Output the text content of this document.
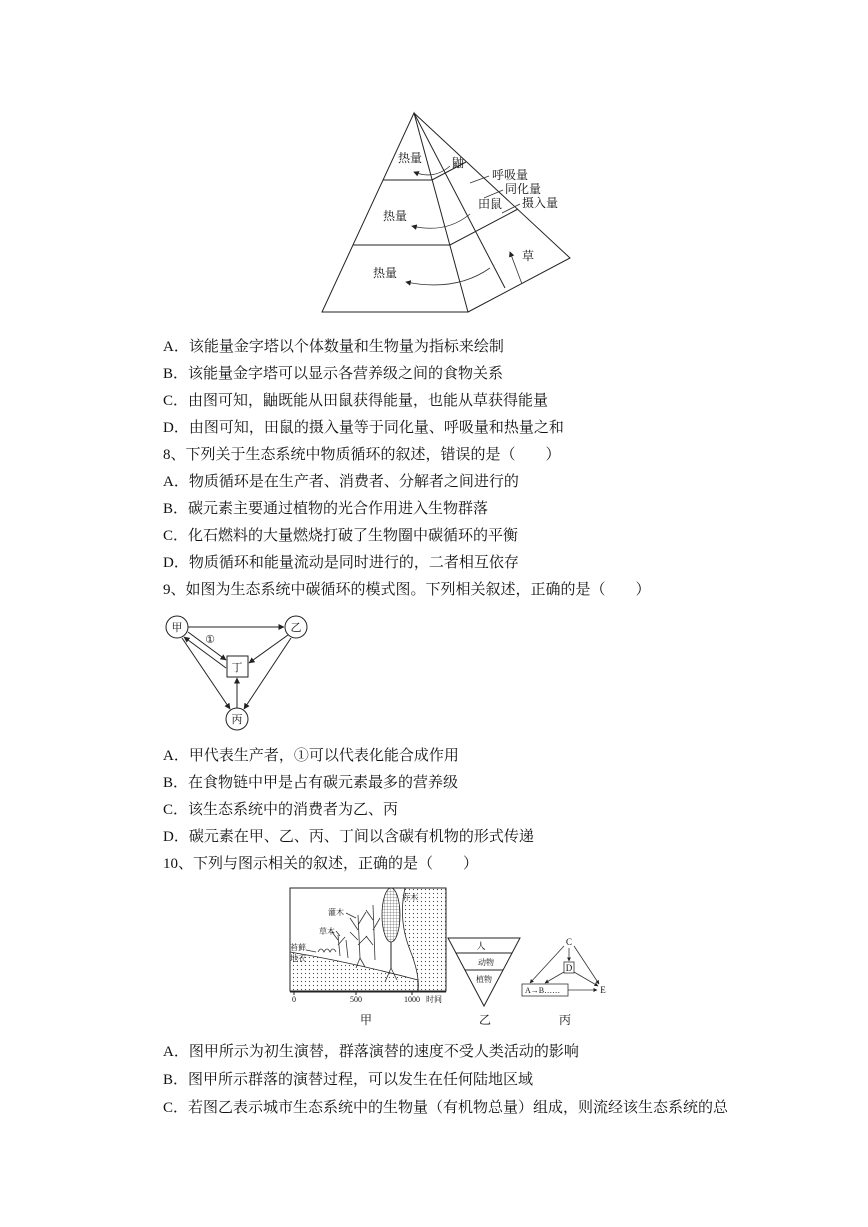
热量
热量
热量
鼬
呼吸量
同化量
摄入量
田鼠
草
A．该能量金字塔以个体数量和生物量为指标来绘制
B．该能量金字塔可以显示各营养级之间的食物关系
C．由图可知，鼬既能从田鼠获得能量，也能从草获得能量
D．由图可知，田鼠的摄入量等于同化量、呼吸量和热量之和
8、下列关于生态系统中物质循环的叙述，错误的是（　　）
A．物质循环是在生产者、消费者、分解者之间进行的
B．碳元素主要通过植物的光合作用进入生物群落
C．化石燃料的大量燃烧打破了生物圈中碳循环的平衡
D．物质循环和能量流动是同时进行的，二者相互依存
9、如图为生态系统中碳循环的模式图。下列相关叙述，正确的是（　　）
甲	乙
丙
丁
①
A．甲代表生产者，①可以代表化能合成作用
B．在食物链中甲是占有碳元素最多的营养级
C．该生态系统中的消费者为乙、丙
D．碳元素在甲、乙、丙、丁间以含碳有机物的形式传递
10、下列与图示相关的叙述，正确的是（　　）
乔木
灌木
草本
苔藓
地衣
0	500	1000 时间
人
动物
植物
C
D
A→B……	E
甲	乙	丙
A．图甲所示为初生演替，群落演替的速度不受人类活动的影响
B．图甲所示群落的演替过程，可以发生在任何陆地区域
C．若图乙表示城市生态系统中的生物量（有机物总量）组成，则流经该生态系统的总
